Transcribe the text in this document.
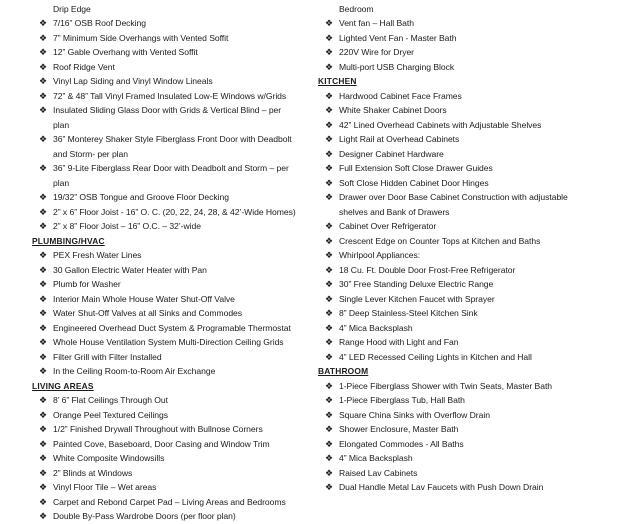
Drip Edge
❖ 7/16” OSB Roof Decking
❖ 7” Minimum Side Overhangs with Vented Soffit
❖ 12” Gable Overhang with Vented Soffit
❖ Roof Ridge Vent
❖ Vinyl Lap Siding and Vinyl Window Lineals
❖ 72” & 48” Tall Vinyl Framed Insulated Low-E Windows w/Grids
❖ Insulated Sliding Glass Door with Grids & Vertical Blind – per
plan
❖ 36” Monterey Shaker Style Fiberglass Front Door with Deadbolt
and Storm- per plan
❖ 36” 9-Lite Fiberglass Rear Door with Deadbolt and Storm – per
plan
❖ 19/32” OSB Tongue and Groove Floor Decking
❖ 2” x 6” Floor Joist - 16” O. C. (20, 22, 24, 28, & 42’-Wide Homes)
❖ 2” x 8” Floor Joist – 16” O.C. – 32’-wide
PLUMBING/HVAC
❖ PEX Fresh Water Lines
❖ 30 Gallon Electric Water Heater with Pan
❖ Plumb for Washer
❖ Interior Main Whole House Water Shut-Off Valve
❖ Water Shut-Off Valves at all Sinks and Commodes
❖ Engineered Overhead Duct System & Programable Thermostat
❖ Whole House Ventilation System Multi-Direction Ceiling Grids
❖ Filter Grill with Filter Installed
❖ In the Ceiling Room-to-Room Air Exchange
LIVING AREAS
❖ 8’ 6” Flat Ceilings Through Out
❖ Orange Peel Textured Ceilings
❖ 1/2” Finished Drywall Throughout with Bullnose Corners
❖ Painted Cove, Baseboard, Door Casing and Window Trim
❖ White Composite Windowsills
❖ 2” Blinds at Windows
❖ Vinyl Floor Tile – Wet areas
❖ Carpet and Rebond Carpet Pad – Living Areas and Bedrooms
❖ Double By-Pass Wardrobe Doors (per floor plan)
Bedroom
❖ Vent fan – Hall Bath
❖ Lighted Vent Fan - Master Bath
❖ 220V Wire for Dryer
❖ Multi-port USB Charging Block
KITCHEN
❖ Hardwood Cabinet Face Frames
❖ White Shaker Cabinet Doors
❖ 42” Lined Overhead Cabinets with Adjustable Shelves
❖ Light Rail at Overhead Cabinets
❖ Designer Cabinet Hardware
❖ Full Extension Soft Close Drawer Guides
❖ Soft Close Hidden Cabinet Door Hinges
❖ Drawer over Door Base Cabinet Construction with adjustable
shelves and Bank of Drawers
❖ Cabinet Over Refrigerator
❖ Crescent Edge on Counter Tops at Kitchen and Baths
❖ Whirlpool Appliances:
❖ 18 Cu. Ft. Double Door Frost-Free Refrigerator
❖ 30” Free Standing Deluxe Electric Range
❖ Single Lever Kitchen Faucet with Sprayer
❖ 8” Deep Stainless-Steel Kitchen Sink
❖ 4” Mica Backsplash
❖ Range Hood with Light and Fan
❖ 4” LED Recessed Ceiling Lights in Kitchen and Hall
BATHROOM
❖ 1-Piece Fiberglass Shower with Twin Seats, Master Bath
❖ 1-Piece Fiberglass Tub, Hall Bath
❖ Square China Sinks with Overflow Drain
❖ Shower Enclosure, Master Bath
❖ Elongated Commodes - All Baths
❖ 4” Mica Backsplash
❖ Raised Lav Cabinets
❖ Dual Handle Metal Lav Faucets with Push Down Drain
